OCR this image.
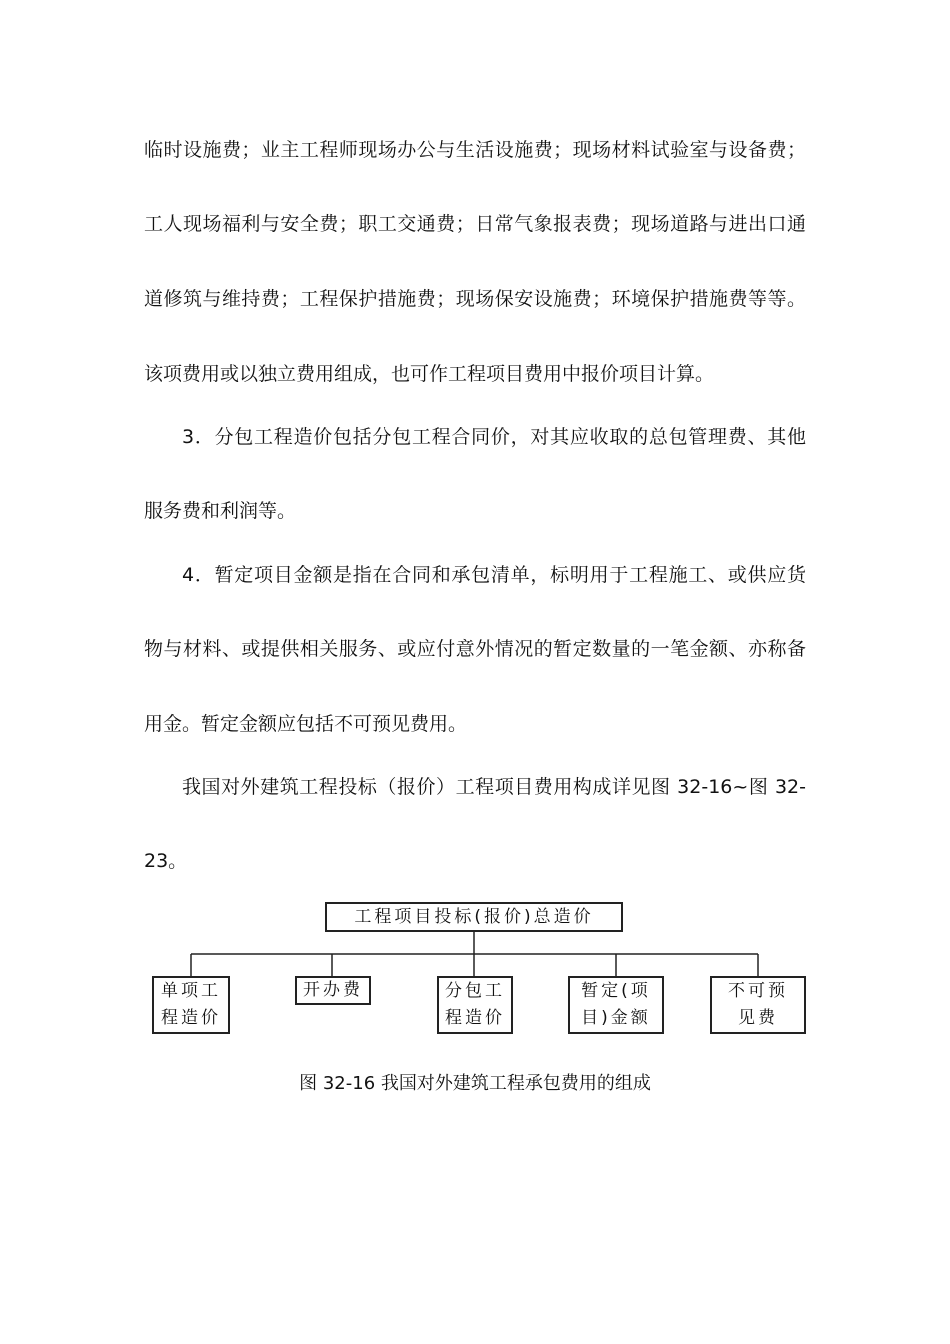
临时设施费；业主工程师现场办公与生活设施费；现场材料试验室与设备费；
工人现场福利与安全费；职工交通费；日常气象报表费；现场道路与进出口通
道修筑与维持费；工程保护措施费；现场保安设施费；环境保护措施费等等。
该项费用或以独立费用组成，也可作工程项目费用中报价项目计算。
3．分包工程造价包括分包工程合同价，对其应收取的总包管理费、其他
服务费和利润等。
4．暂定项目金额是指在合同和承包清单，标明用于工程施工、或供应货
物与材料、或提供相关服务、或应付意外情况的暂定数量的一笔金额、亦称备
用金。暂定金额应包括不可预见费用。
我国对外建筑工程投标（报价）工程项目费用构成详见图 32-16~图 32-
23。
工程项目投标(报价)总造价
单项工
程造价
开办费	分包工
程造价
暂定(项
目)金额
不可预
见费
图 32-16 我国对外建筑工程承包费用的组成
